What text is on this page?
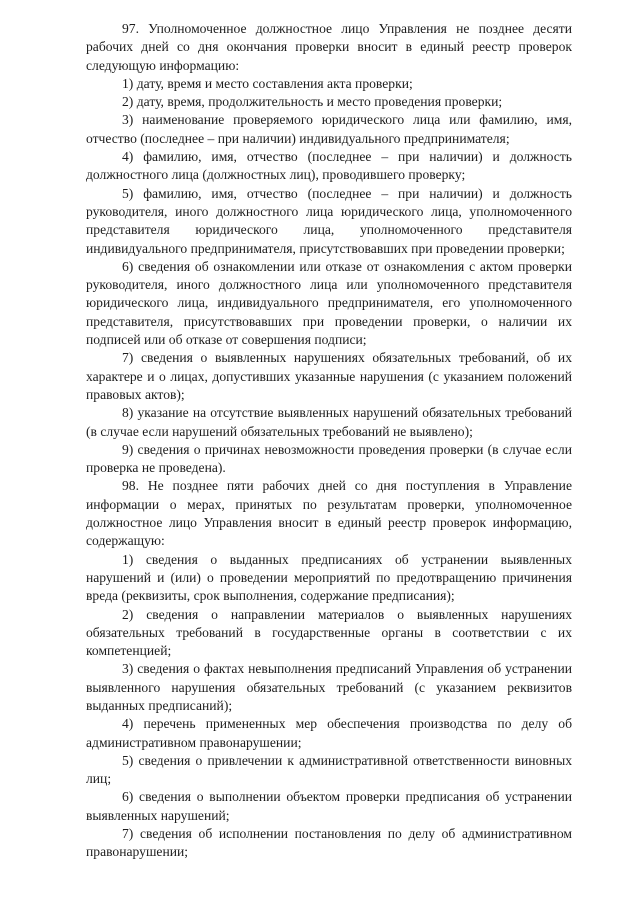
97. Уполномоченное должностное лицо Управления не позднее десяти рабочих дней со дня окончания проверки вносит в единый реестр проверок следующую информацию:

1) дату, время и место составления акта проверки;

2) дату, время, продолжительность и место проведения проверки;

3) наименование проверяемого юридического лица или фамилию, имя, отчество (последнее – при наличии) индивидуального предпринимателя;

4) фамилию, имя, отчество (последнее – при наличии) и должность должностного лица (должностных лиц), проводившего проверку;

5) фамилию, имя, отчество (последнее – при наличии) и должность руководителя, иного должностного лица юридического лица, уполномоченного представителя юридического лица, уполномоченного представителя индивидуального предпринимателя, присутствовавших при проведении проверки;

6) сведения об ознакомлении или отказе от ознакомления с актом проверки руководителя, иного должностного лица или уполномоченного представителя юридического лица, индивидуального предпринимателя, его уполномоченного представителя, присутствовавших при проведении проверки, о наличии их подписей или об отказе от совершения подписи;

7) сведения о выявленных нарушениях обязательных требований, об их характере и о лицах, допустивших указанные нарушения (с указанием положений правовых актов);

8) указание на отсутствие выявленных нарушений обязательных требований (в случае если нарушений обязательных требований не выявлено);

9) сведения о причинах невозможности проведения проверки (в случае если проверка не проведена).

98. Не позднее пяти рабочих дней со дня поступления в Управление информации о мерах, принятых по результатам проверки, уполномоченное должностное лицо Управления вносит в единый реестр проверок информацию, содержащую:

1) сведения о выданных предписаниях об устранении выявленных нарушений и (или) о проведении мероприятий по предотвращению причинения вреда (реквизиты, срок выполнения, содержание предписания);

2) сведения о направлении материалов о выявленных нарушениях обязательных требований в государственные органы в соответствии с их компетенцией;

3) сведения о фактах невыполнения предписаний Управления об устранении выявленного нарушения обязательных требований (с указанием реквизитов выданных предписаний);

4) перечень примененных мер обеспечения производства по делу об административном правонарушении;

5) сведения о привлечении к административной ответственности виновных лиц;

6) сведения о выполнении объектом проверки предписания об устранении выявленных нарушений;

7) сведения об исполнении постановления по делу об административном правонарушении;
